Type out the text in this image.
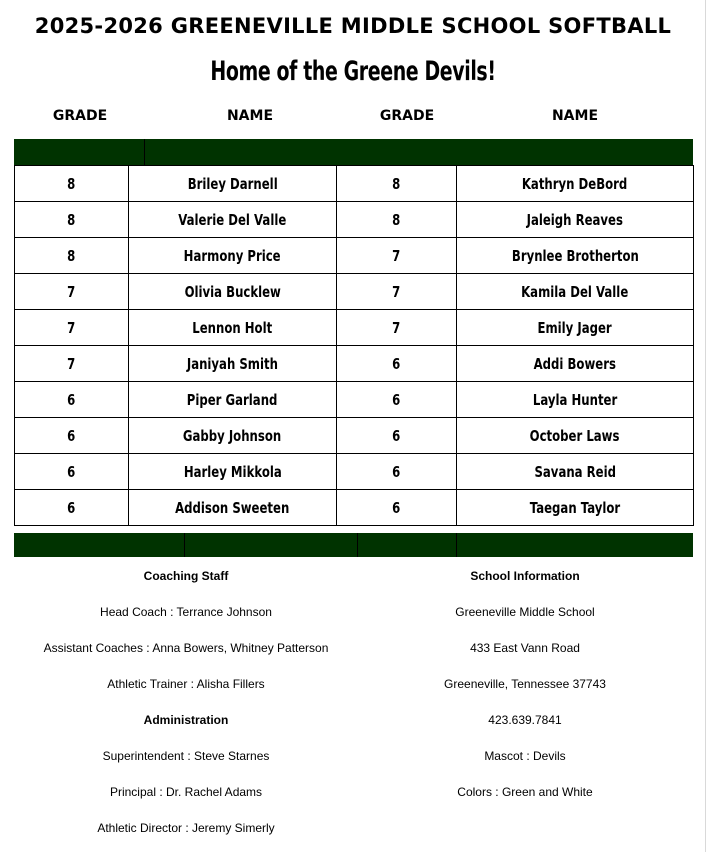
2025-2026 GREENEVILLE MIDDLE SCHOOL SOFTBALL
Home of the Greene Devils!
GRADE	NAME	GRADE	NAME
8	Briley Darnell	8	Kathryn DeBord
8	Valerie Del Valle	8	Jaleigh Reaves
8	Harmony Price	7	Brynlee Brotherton
7	Olivia Bucklew	7	Kamila Del Valle
7	Lennon Holt	7	Emily Jager
7	Janiyah Smith	6	Addi Bowers
6	Piper Garland	6	Layla Hunter
6	Gabby Johnson	6	October Laws
6	Harley Mikkola	6	Savana Reid
6	Addison Sweeten	6	Taegan Taylor
Coaching Staff
Head Coach : Terrance Johnson
Assistant Coaches : Anna Bowers, Whitney Patterson
Athletic Trainer : Alisha Fillers
Administration
Superintendent : Steve Starnes
Principal : Dr. Rachel Adams
Athletic Director : Jeremy Simerly
School Information
Greeneville Middle School
433 East Vann Road
Greeneville, Tennessee 37743
423.639.7841
Mascot : Devils
Colors : Green and White
